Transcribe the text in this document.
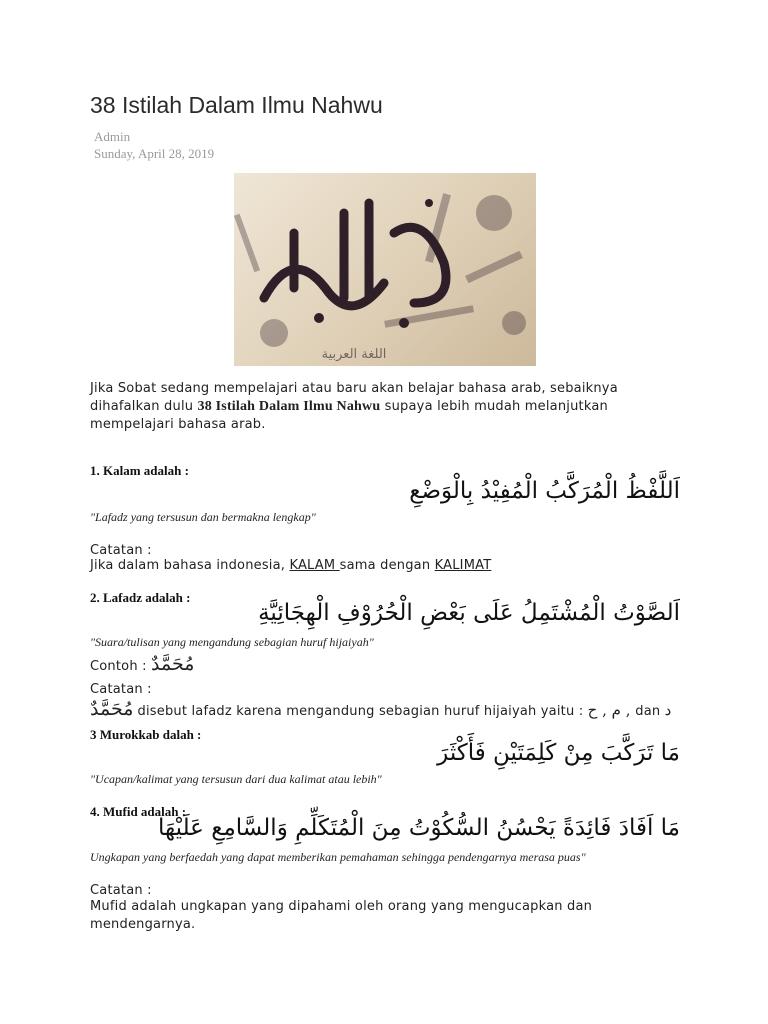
38 Istilah Dalam Ilmu Nahwu
Admin
Sunday, April 28, 2019
اللغة العربية
Jika Sobat sedang mempelajari atau baru akan belajar bahasa arab, sebaiknya dihafalkan dulu 38 Istilah Dalam Ilmu Nahwu supaya lebih mudah melanjutkan mempelajari bahasa arab.
1. Kalam adalah :
اَللَّفْظُ الْمُرَكَّبُ الْمُفِيْدُ بِالْوَضْعِ
"Lafadz yang tersusun dan bermakna lengkap"
Catatan :
Jika dalam bahasa indonesia, KALAM sama dengan KALIMAT
2. Lafadz adalah :
اَلصَّوْتُ الْمُشْتَمِلُ عَلَى بَعْضِ الْحُرُوْفِ الْهِجَائِيَّةِ
"Suara/tulisan yang mengandung sebagian huruf hijaiyah"
Contoh : مُحَمَّدٌ
Catatan :
مُحَمَّدٌ disebut lafadz karena mengandung sebagian huruf hijaiyah yaitu : م , ح , dan د
3 Murokkab dalah :
مَا تَرَكَّبَ مِنْ كَلِمَتَيْنِ فَأَكْثَرَ
"Ucapan/kalimat yang tersusun dari dua kalimat atau lebih"
4. Mufid adalah :
مَا اَفَادَ فَائِدَةً يَحْسُنُ السُّكُوْتُ مِنَ الْمُتَكَلِّمِ وَالسَّامِعِ عَلَيْهَا
Ungkapan yang berfaedah yang dapat memberikan pemahaman sehingga pendengarnya merasa puas"
Catatan :
Mufid adalah ungkapan yang dipahami oleh orang yang mengucapkan dan mendengarnya.
